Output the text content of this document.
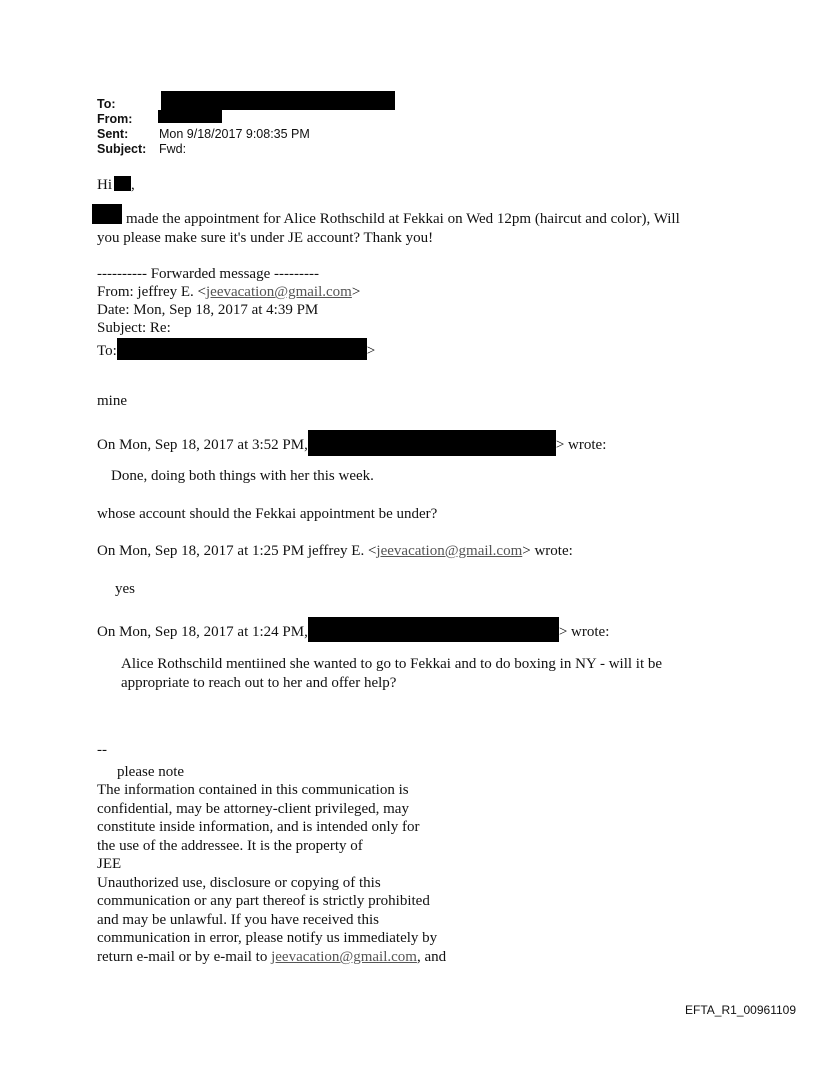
To:
From:
Sent: Mon 9/18/2017 9:08:35 PM
Subject: Fwd:
Hi ,
made the appointment for Alice Rothschild at Fekkai on Wed 12pm (haircut and color), Will
you please make sure it's under JE account? Thank you!
---------- Forwarded message ---------
From: jeffrey E. <jeevacation@gmail.com>
Date: Mon, Sep 18, 2017 at 4:39 PM
Subject: Re:
To:	>
mine
On Mon, Sep 18, 2017 at 3:52 PM,	> wrote:
Done, doing both things with her this week.
whose account should the Fekkai appointment be under?
On Mon, Sep 18, 2017 at 1:25 PM jeffrey E. <jeevacation@gmail.com> wrote:
yes
On Mon, Sep 18, 2017 at 1:24 PM,	> wrote:
Alice Rothschild mentiined she wanted to go to Fekkai and to do boxing in NY - will it be
appropriate to reach out to her and offer help?
--
please note
The information contained in this communication is
confidential, may be attorney-client privileged, may
constitute inside information, and is intended only for
the use of the addressee. It is the property of
JEE
Unauthorized use, disclosure or copying of this
communication or any part thereof is strictly prohibited
and may be unlawful. If you have received this
communication in error, please notify us immediately by
return e-mail or by e-mail to jeevacation@gmail.com, and
EFTA_R1_00961109
